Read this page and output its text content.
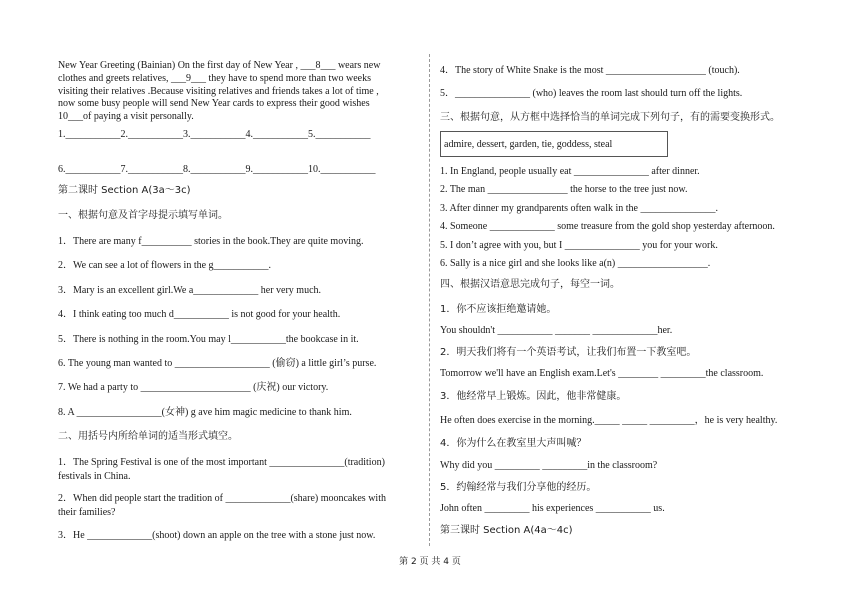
New Year Greeting (Bainian) On the first day of New Year , ___8___ wears new
clothes and greets relatives, ___9___ they have to spend more than two weeks
visiting their relatives .Because visiting relatives and friends takes a lot of time ,
now some busy people will send New Year cards to express their good wishes
10___of paying a visit personally.
1.___________2.___________3.___________4.___________5.___________
6.___________7.___________8.___________9.___________10.___________
第二课时 Section A(3a～3c)
一、根据句意及首字母提示填写单词。
1．There are many f__________ stories in the book.They are quite moving.
2．We can see a lot of flowers in the g___________.
3．Mary is an excellent girl.We a_____________ her very much.
4．I think eating too much d___________ is not good for your health.
5．There is nothing in the room.You may l___________the bookcase in it.
6. The young man wanted to ___________________ (偷窃) a little girl’s purse.
7. We had a party to ______________________ (庆祝) our victory.
8. A _________________(女神) g ave him magic medicine to thank him.
二、用括号内所给单词的适当形式填空。
1．The Spring Festival is one of the most important _______________(tradition)
festivals in China.
2．When did people start the tradition of _____________(share) mooncakes with
their families?
3．He _____________(shoot) down an apple on the tree with a stone just now.
4．The story of White Snake is the most ____________________ (touch).
5．_______________ (who) leaves the room last should turn off the lights.
三、根据句意，从方框中选择恰当的单词完成下列句子，有的需要变换形式。
admire, dessert, garden, tie, goddess, steal
1. In England, people usually eat _______________ after dinner.
2. The man ________________ the horse to the tree just now.
3. After dinner my grandparents often walk in the _______________.
4. Someone _____________ some treasure from the gold shop yesterday afternoon.
5. I don’t agree with you, but I _______________ you for your work.
6. Sally is a nice girl and she looks like a(n) __________________.
四、根据汉语意思完成句子，每空一词。
1．你不应该拒绝邀请她。
You shouldn't ___________ _______ _____________her.
2．明天我们将有一个英语考试，让我们布置一下教室吧。
Tomorrow we'll have an English exam.Let's ________ _________the classroom.
3．他经常早上锻炼。因此，他非常健康。
He often does exercise in the morning._____ _____ _________，he is very healthy.
4．你为什么在教室里大声叫喊？
Why did you _________ _________in the classroom?
5．约翰经常与我们分享他的经历。
John often _________ his experiences ___________ us.
第三课时 Section A(4a～4c)
第 2 页 共 4 页
